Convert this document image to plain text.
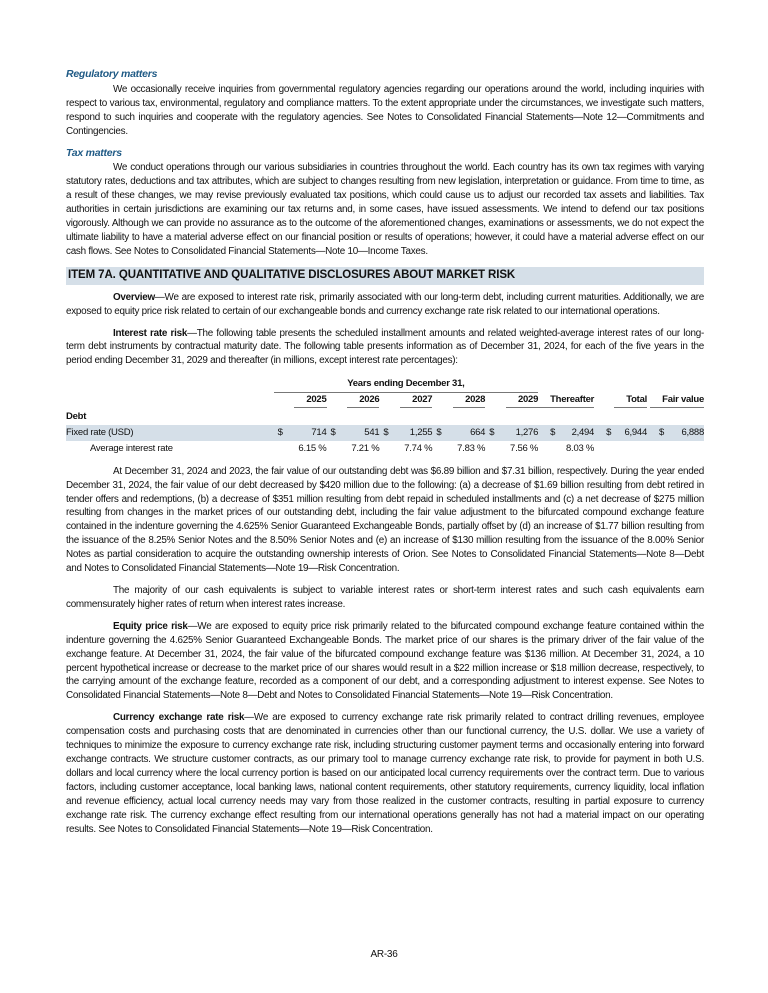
Regulatory matters

We occasionally receive inquiries from governmental regulatory agencies regarding our operations around the world, including inquiries with respect to various tax, environmental, regulatory and compliance matters. To the extent appropriate under the circumstances, we investigate such matters, respond to such inquiries and cooperate with the regulatory agencies. See Notes to Consolidated Financial Statements—Note 12—Commitments and Contingencies.

Tax matters

We conduct operations through our various subsidiaries in countries throughout the world. Each country has its own tax regimes with varying statutory rates, deductions and tax attributes, which are subject to changes resulting from new legislation, interpretation or guidance. From time to time, as a result of these changes, we may revise previously evaluated tax positions, which could cause us to adjust our recorded tax assets and liabilities. Tax authorities in certain jurisdictions are examining our tax returns and, in some cases, have issued assessments. We intend to defend our tax positions vigorously. Although we can provide no assurance as to the outcome of the aforementioned changes, examinations or assessments, we do not expect the ultimate liability to have a material adverse effect on our financial position or results of operations; however, it could have a material adverse effect on our cash flows. See Notes to Consolidated Financial Statements—Note 10—Income Taxes.

ITEM 7A. QUANTITATIVE AND QUALITATIVE DISCLOSURES ABOUT MARKET RISK

Overview—We are exposed to interest rate risk, primarily associated with our long-term debt, including current maturities. Additionally, we are exposed to equity price risk related to certain of our exchangeable bonds and currency exchange rate risk related to our international operations.

Interest rate risk—The following table presents the scheduled installment amounts and related weighted-average interest rates of our long-term debt instruments by contractual maturity date. The following table presents information as of December 31, 2024, for each of the five years in the period ending December 31, 2029 and thereafter (in millions, except interest rate percentages):

	Years ending December 31,							
	2025	2026	2027	2028	2029	Thereafter	Total	Fair value
Debt								
Fixed rate (USD)	$ 714	$ 541	$ 1,255	$ 664	$ 1,276	$ 2,494	$ 6,944	$ 6,888
Average interest rate	6.15 %	7.21 %	7.74 %	7.83 %	7.56 %	8.03 %		

At December 31, 2024 and 2023, the fair value of our outstanding debt was $6.89 billion and $7.31 billion, respectively. During the year ended December 31, 2024, the fair value of our debt decreased by $420 million due to the following: (a) a decrease of $1.69 billion resulting from debt retired in tender offers and redemptions, (b) a decrease of $351 million resulting from debt repaid in scheduled installments and (c) a net decrease of $275 million resulting from changes in the market prices of our outstanding debt, including the fair value adjustment to the bifurcated compound exchange feature contained in the indenture governing the 4.625% Senior Guaranteed Exchangeable Bonds, partially offset by (d) an increase of $1.77 billion resulting from the issuance of the 8.25% Senior Notes and the 8.50% Senior Notes and (e) an increase of $130 million resulting from the issuance of the 8.00% Senior Notes as partial consideration to acquire the outstanding ownership interests of Orion. See Notes to Consolidated Financial Statements—Note 8—Debt and Notes to Consolidated Financial Statements—Note 19—Risk Concentration.

The majority of our cash equivalents is subject to variable interest rates or short-term interest rates and such cash equivalents earn commensurately higher rates of return when interest rates increase.

Equity price risk—We are exposed to equity price risk primarily related to the bifurcated compound exchange feature contained within the indenture governing the 4.625% Senior Guaranteed Exchangeable Bonds. The market price of our shares is the primary driver of the fair value of the exchange feature. At December 31, 2024, the fair value of the bifurcated compound exchange feature was $136 million. At December 31, 2024, a 10 percent hypothetical increase or decrease to the market price of our shares would result in a $22 million increase or $18 million decrease, respectively, to the carrying amount of the exchange feature, recorded as a component of our debt, and a corresponding adjustment to interest expense. See Notes to Consolidated Financial Statements—Note 8—Debt and Notes to Consolidated Financial Statements—Note 19—Risk Concentration.

Currency exchange rate risk—We are exposed to currency exchange rate risk primarily related to contract drilling revenues, employee compensation costs and purchasing costs that are denominated in currencies other than our functional currency, the U.S. dollar. We use a variety of techniques to minimize the exposure to currency exchange rate risk, including structuring customer payment terms and occasionally entering into forward exchange contracts. We structure customer contracts, as our primary tool to manage currency exchange rate risk, to provide for payment in both U.S. dollars and local currency where the local currency portion is based on our anticipated local currency requirements over the contract term. Due to various factors, including customer acceptance, local banking laws, national content requirements, other statutory requirements, currency liquidity, local inflation and revenue efficiency, actual local currency needs may vary from those realized in the customer contracts, resulting in partial exposure to currency exchange rate risk. The currency exchange effect resulting from our international operations generally has not had a material impact on our operating results. See Notes to Consolidated Financial Statements—Note 19—Risk Concentration.

AR-36
